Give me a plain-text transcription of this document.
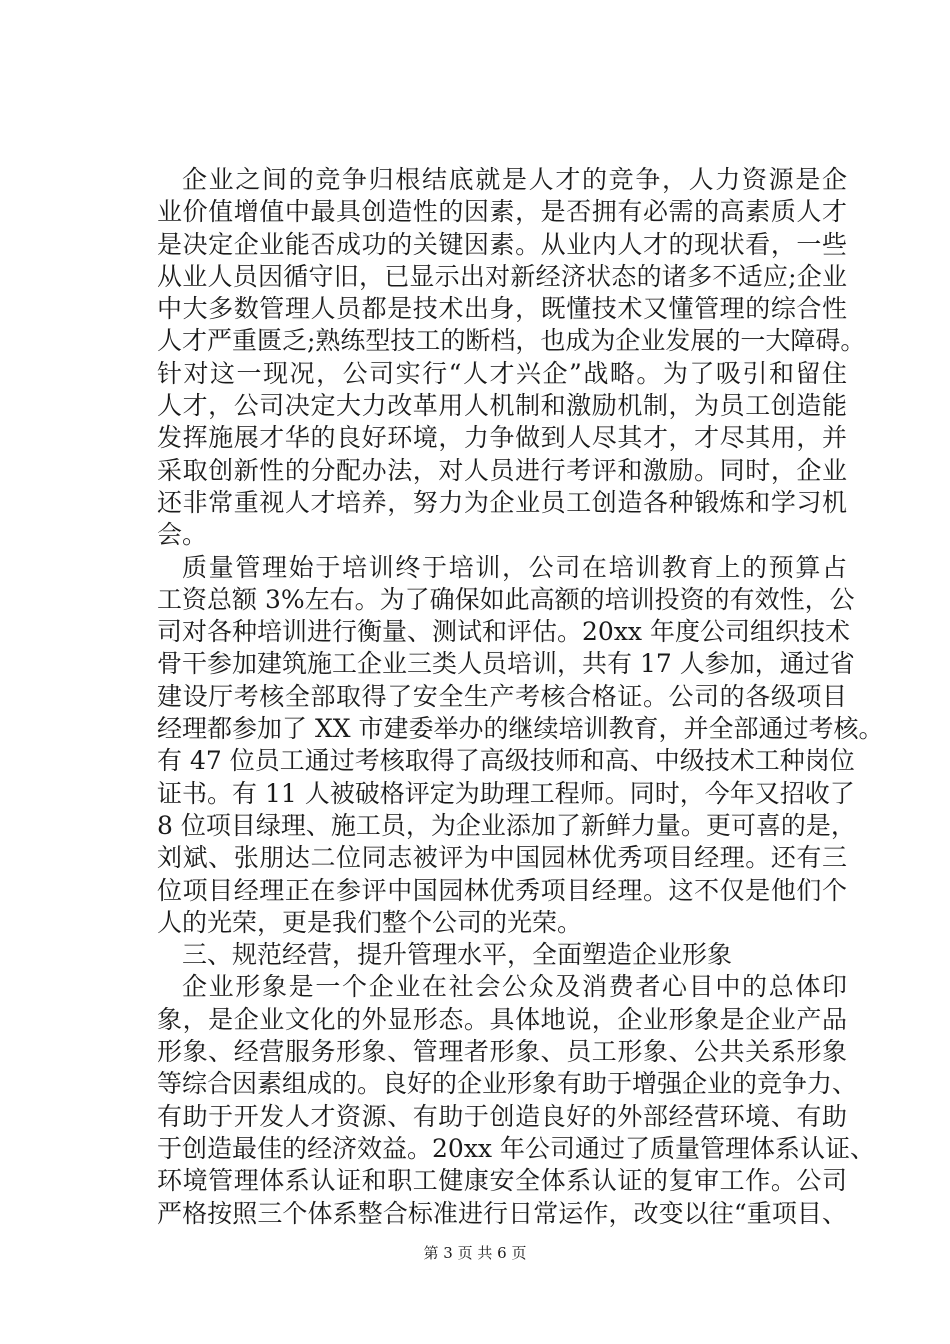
企业之间的竞争归根结底就是人才的竞争，人力资源是企
业价值增值中最具创造性的因素，是否拥有必需的高素质人才
是决定企业能否成功的关键因素。从业内人才的现状看，一些
从业人员因循守旧，已显示出对新经济状态的诸多不适应;企业
中大多数管理人员都是技术出身，既懂技术又懂管理的综合性
人才严重匮乏;熟练型技工的断档，也成为企业发展的一大障碍。
针对这一现况，公司实行“人才兴企”战略。为了吸引和留住
人才，公司决定大力改革用人机制和激励机制，为员工创造能
发挥施展才华的良好环境，力争做到人尽其才，才尽其用，并
采取创新性的分配办法，对人员进行考评和激励。同时，企业
还非常重视人才培养，努力为企业员工创造各种锻炼和学习机
会。
质量管理始于培训终于培训，公司在培训教育上的预算占
工资总额 3%左右。为了确保如此高额的培训投资的有效性，公
司对各种培训进行衡量、测试和评估。20xx 年度公司组织技术
骨干参加建筑施工企业三类人员培训，共有 17 人参加，通过省
建设厅考核全部取得了安全生产考核合格证。公司的各级项目
经理都参加了 XX 市建委举办的继续培训教育，并全部通过考核。
有 47 位员工通过考核取得了高级技师和高、中级技术工种岗位
证书。有 11 人被破格评定为助理工程师。同时，今年又招收了
8 位项目绿理、施工员，为企业添加了新鲜力量。更可喜的是，
刘斌、张朋达二位同志被评为中国园林优秀项目经理。还有三
位项目经理正在参评中国园林优秀项目经理。这不仅是他们个
人的光荣，更是我们整个公司的光荣。
三、规范经营，提升管理水平，全面塑造企业形象
企业形象是一个企业在社会公众及消费者心目中的总体印
象，是企业文化的外显形态。具体地说，企业形象是企业产品
形象、经营服务形象、管理者形象、员工形象、公共关系形象
等综合因素组成的。良好的企业形象有助于增强企业的竞争力、
有助于开发人才资源、有助于创造良好的外部经营环境、有助
于创造最佳的经济效益。20xx 年公司通过了质量管理体系认证、
环境管理体系认证和职工健康安全体系认证的复审工作。公司
严格按照三个体系整合标准进行日常运作，改变以往“重项目、
第 3 页 共 6 页
